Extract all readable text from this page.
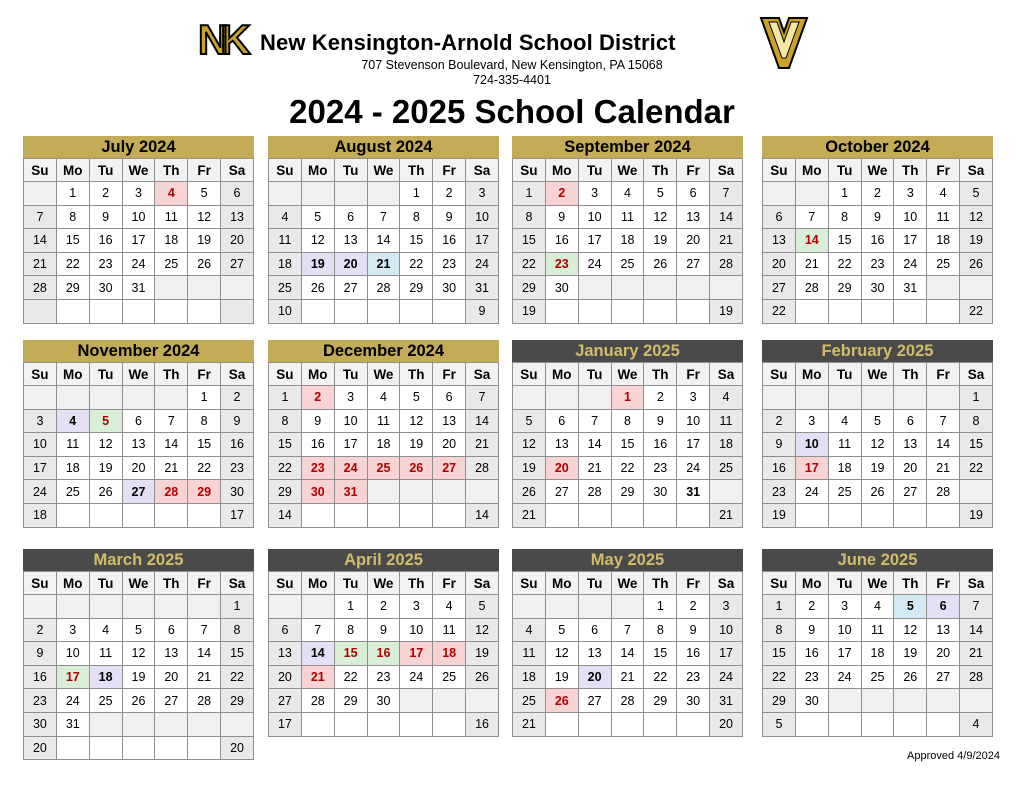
NK New Kensington-Arnold School District
707 Stevenson Boulevard, New Kensington, PA 15068
724-335-4401
2024 - 2025 School Calendar
July 2024
Su	Mo	Tu	We	Th	Fr	Sa
	1	2	3	4	5	6
7	8	9	10	11	12	13
14	15	16	17	18	19	20
21	22	23	24	25	26	27
28	29	30	31			

August 2024
Su	Mo	Tu	We	Th	Fr	Sa
				1	2	3
4	5	6	7	8	9	10
11	12	13	14	15	16	17
18	19	20	21	22	23	24
25	26	27	28	29	30	31
10						9
September 2024
Su	Mo	Tu	We	Th	Fr	Sa
1	2	3	4	5	6	7
8	9	10	11	12	13	14
15	16	17	18	19	20	21
22	23	24	25	26	27	28
29	30					
19						19
October 2024
Su	Mo	Tu	We	Th	Fr	Sa
		1	2	3	4	5
6	7	8	9	10	11	12
13	14	15	16	17	18	19
20	21	22	23	24	25	26
27	28	29	30	31		
22						22
November 2024
Su	Mo	Tu	We	Th	Fr	Sa
					1	2
3	4	5	6	7	8	9
10	11	12	13	14	15	16
17	18	19	20	21	22	23
24	25	26	27	28	29	30
18						17
December 2024
Su	Mo	Tu	We	Th	Fr	Sa
1	2	3	4	5	6	7
8	9	10	11	12	13	14
15	16	17	18	19	20	21
22	23	24	25	26	27	28
29	30	31				
14						14
January 2025
Su	Mo	Tu	We	Th	Fr	Sa
			1	2	3	4
5	6	7	8	9	10	11
12	13	14	15	16	17	18
19	20	21	22	23	24	25
26	27	28	29	30	31	
21						21
February 2025
Su	Mo	Tu	We	Th	Fr	Sa
						1
2	3	4	5	6	7	8
9	10	11	12	13	14	15
16	17	18	19	20	21	22
23	24	25	26	27	28	
19						19
March 2025
Su	Mo	Tu	We	Th	Fr	Sa
						1
2	3	4	5	6	7	8
9	10	11	12	13	14	15
16	17	18	19	20	21	22
23	24	25	26	27	28	29
30	31					
20						20
April 2025
Su	Mo	Tu	We	Th	Fr	Sa
		1	2	3	4	5
6	7	8	9	10	11	12
13	14	15	16	17	18	19
20	21	22	23	24	25	26
27	28	29	30			
17						16
May 2025
Su	Mo	Tu	We	Th	Fr	Sa
				1	2	3
4	5	6	7	8	9	10
11	12	13	14	15	16	17
18	19	20	21	22	23	24
25	26	27	28	29	30	31
21						20
June 2025
Su	Mo	Tu	We	Th	Fr	Sa
1	2	3	4	5	6	7
8	9	10	11	12	13	14
15	16	17	18	19	20	21
22	23	24	25	26	27	28
29	30					
5						4
Approved 4/9/2024
